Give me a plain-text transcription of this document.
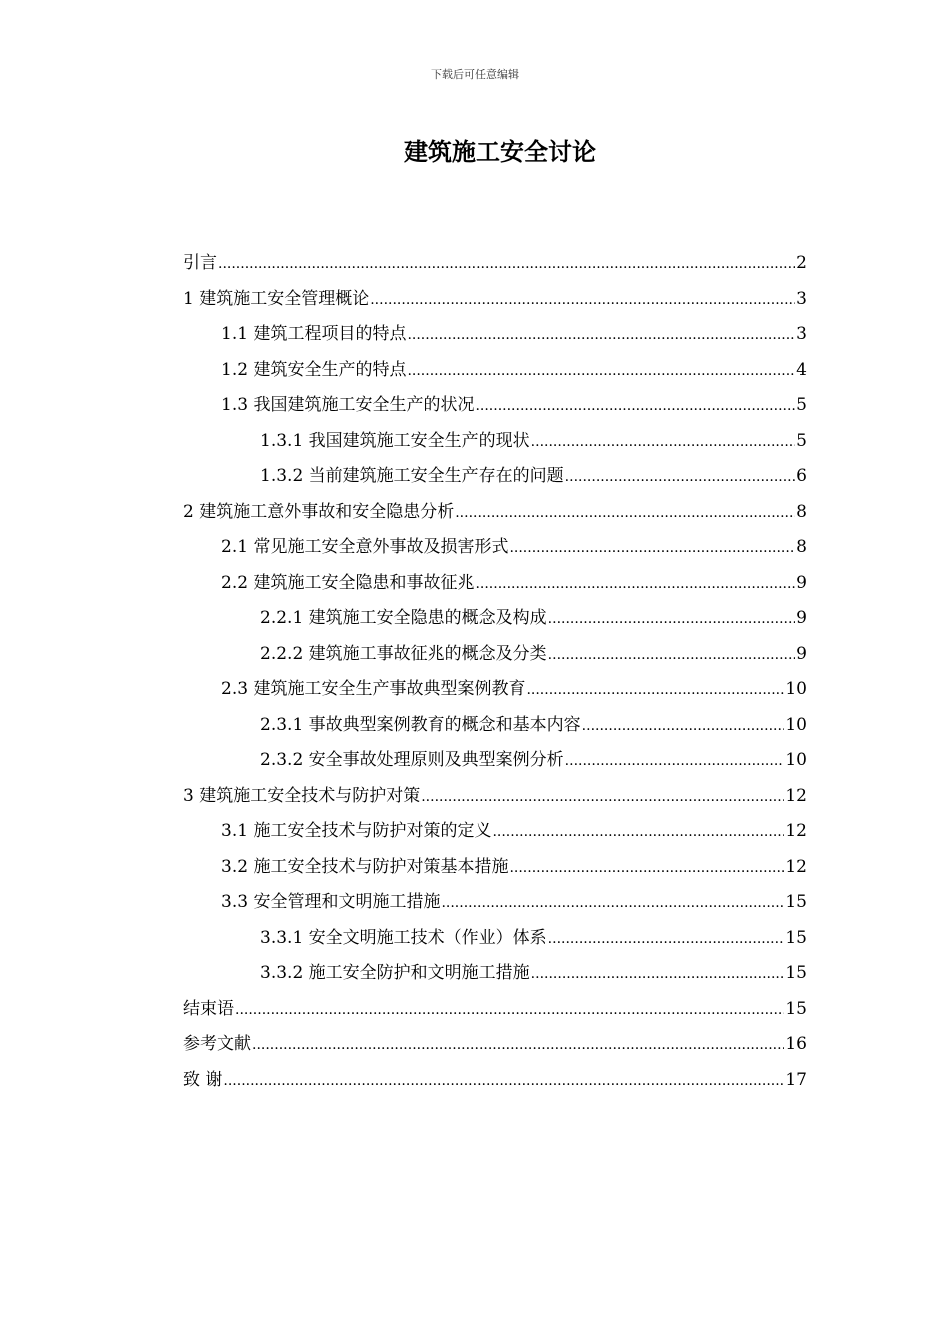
下载后可任意编辑
建筑施工安全讨论
引言 .....	2
1 建筑施工安全管理概论 .....	3
1.1 建筑工程项目的特点 .....	3
1.2 建筑安全生产的特点 .....	4
1.3 我国建筑施工安全生产的状况 .....	5
1.3.1 我国建筑施工安全生产的现状 .....	5
1.3.2 当前建筑施工安全生产存在的问题 .....	6
2 建筑施工意外事故和安全隐患分析 .....	8
2.1 常见施工安全意外事故及损害形式 .....	8
2.2 建筑施工安全隐患和事故征兆 .....	9
2.2.1 建筑施工安全隐患的概念及构成 .....	9
2.2.2 建筑施工事故征兆的概念及分类 .....	9
2.3 建筑施工安全生产事故典型案例教育 .....	10
2.3.1 事故典型案例教育的概念和基本内容 .....	10
2.3.2 安全事故处理原则及典型案例分析 .....	10
3 建筑施工安全技术与防护对策 .....	12
3.1 施工安全技术与防护对策的定义 .....	12
3.2 施工安全技术与防护对策基本措施 .....	12
3.3 安全管理和文明施工措施 .....	15
3.3.1 安全文明施工技术（作业）体系 .....	15
3.3.2 施工安全防护和文明施工措施 .....	15
结束语 .....	15
参考文献 .....	16
致 谢 .....	17
